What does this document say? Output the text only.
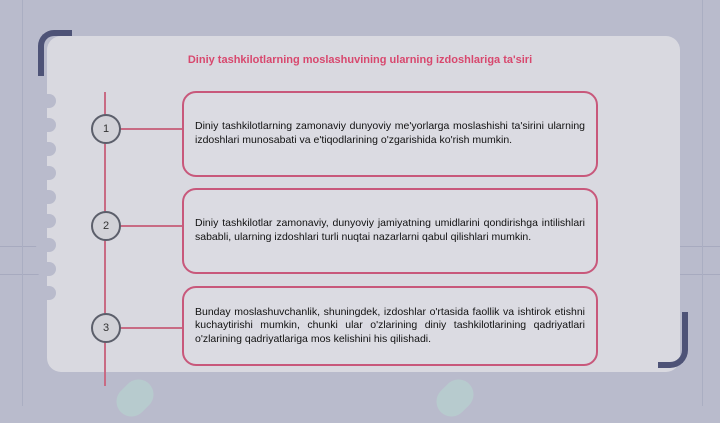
Diniy tashkilotlarning moslashuvining ularning izdoshlariga ta'siri
1	Diniy tashkilotlarning zamonaviy dunyoviy me'yorlarga moslashishi ta'sirini ularning izdoshlari munosabati va e'tiqodlarining o'zgarishida ko'rish mumkin.

2	Diniy tashkilotlar zamonaviy, dunyoviy jamiyatning umidlarini qondirishga intilishlari sababli, ularning izdoshlari turli nuqtai nazarlarni qabul qilishlari mumkin.

3

Bunday moslashuvchanlik, shuningdek, izdoshlar o'rtasida faollik va ishtirok etishni kuchaytirishi mumkin, chunki ular o'zlarining diniy tashkilotlarining qadriyatlari o'zlarining qadriyatlariga mos kelishini his qilishadi.
